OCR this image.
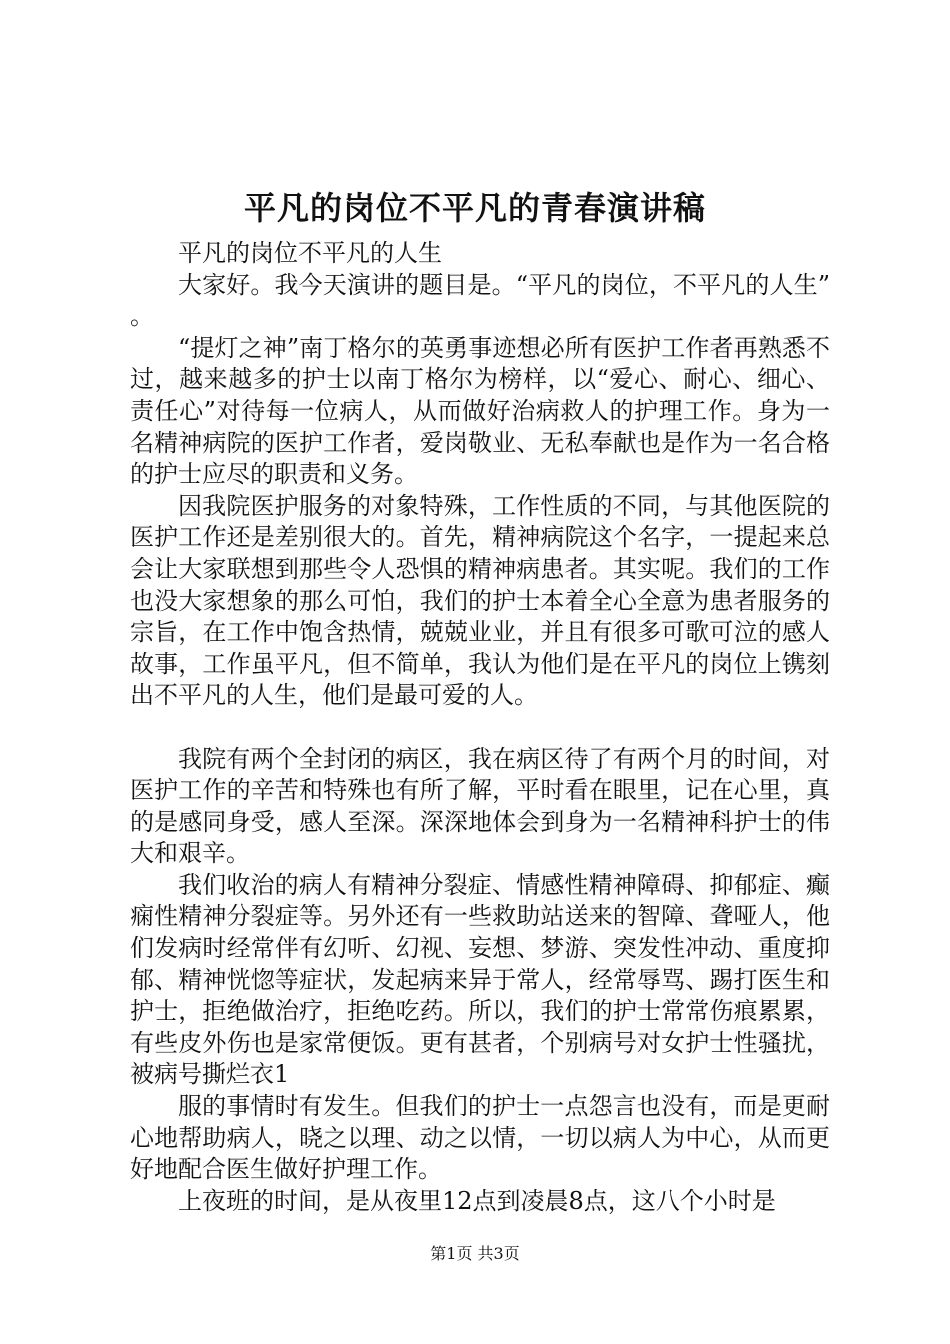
平凡的岗位不平凡的青春演讲稿

平凡的岗位不平凡的人生

大家好。我今天演讲的题目是。“平凡的岗位，不平凡的人生”。

“提灯之神”南丁格尔的英勇事迹想必所有医护工作者再熟悉不过，越来越多的护士以南丁格尔为榜样，以“爱心、耐心、细心、责任心”对待每一位病人，从而做好治病救人的护理工作。身为一名精神病院的医护工作者，爱岗敬业、无私奉献也是作为一名合格的护士应尽的职责和义务。

因我院医护服务的对象特殊，工作性质的不同，与其他医院的医护工作还是差别很大的。首先，精神病院这个名字，一提起来总会让大家联想到那些令人恐惧的精神病患者。其实呢。我们的工作也没大家想象的那么可怕，我们的护士本着全心全意为患者服务的宗旨，在工作中饱含热情，兢兢业业，并且有很多可歌可泣的感人故事，工作虽平凡，但不简单，我认为他们是在平凡的岗位上镌刻出不平凡的人生，他们是最可爱的人。

我院有两个全封闭的病区，我在病区待了有两个月的时间，对医护工作的辛苦和特殊也有所了解，平时看在眼里，记在心里，真的是感同身受，感人至深。深深地体会到身为一名精神科护士的伟大和艰辛。

我们收治的病人有精神分裂症、情感性精神障碍、抑郁症、癫痫性精神分裂症等。另外还有一些救助站送来的智障、聋哑人，他们发病时经常伴有幻听、幻视、妄想、梦游、突发性冲动、重度抑郁、精神恍惚等症状，发起病来异于常人，经常辱骂、踢打医生和护士，拒绝做治疗，拒绝吃药。所以，我们的护士常常伤痕累累，有些皮外伤也是家常便饭。更有甚者，个别病号对女护士性骚扰，被病号撕烂衣1

服的事情时有发生。但我们的护士一点怨言也没有，而是更耐心地帮助病人，晓之以理、动之以情，一切以病人为中心，从而更好地配合医生做好护理工作。

上夜班的时间，是从夜里12点到凌晨8点，这八个小时是

第1页 共3页
